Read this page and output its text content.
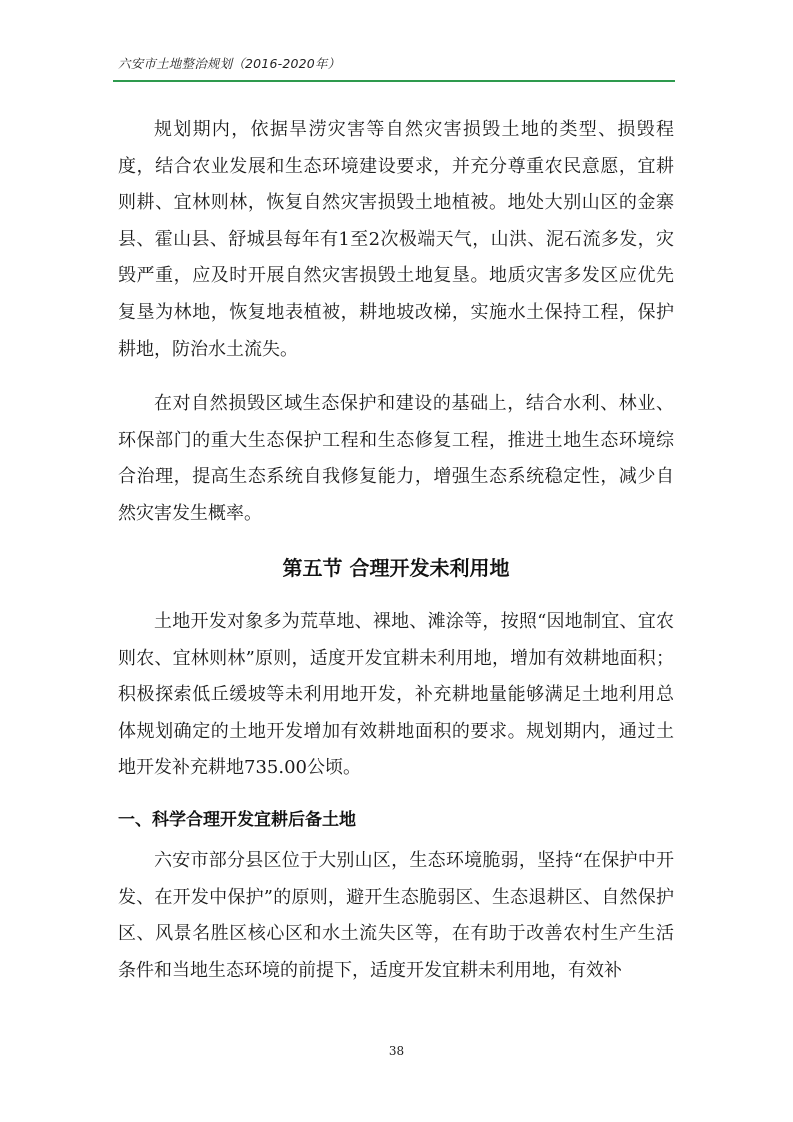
六安市土地整治规划（2016-2020年）

规划期内，依据旱涝灾害等自然灾害损毁土地的类型、损毁程度，结合农业发展和生态环境建设要求，并充分尊重农民意愿，宜耕则耕、宜林则林，恢复自然灾害损毁土地植被。地处大别山区的金寨县、霍山县、舒城县每年有1至2次极端天气，山洪、泥石流多发，灾毁严重，应及时开展自然灾害损毁土地复垦。地质灾害多发区应优先复垦为林地，恢复地表植被，耕地坡改梯，实施水土保持工程，保护耕地，防治水土流失。

在对自然损毁区域生态保护和建设的基础上，结合水利、林业、环保部门的重大生态保护工程和生态修复工程，推进土地生态环境综合治理，提高生态系统自我修复能力，增强生态系统稳定性，减少自然灾害发生概率。

第五节 合理开发未利用地

土地开发对象多为荒草地、裸地、滩涂等，按照“因地制宜、宜农则农、宜林则林”原则，适度开发宜耕未利用地，增加有效耕地面积；积极探索低丘缓坡等未利用地开发，补充耕地量能够满足土地利用总体规划确定的土地开发增加有效耕地面积的要求。规划期内，通过土地开发补充耕地735.00公顷。

一、科学合理开发宜耕后备土地

六安市部分县区位于大别山区，生态环境脆弱，坚持“在保护中开发、在开发中保护”的原则，避开生态脆弱区、生态退耕区、自然保护区、风景名胜区核心区和水土流失区等，在有助于改善农村生产生活条件和当地生态环境的前提下，适度开发宜耕未利用地，有效补

38
